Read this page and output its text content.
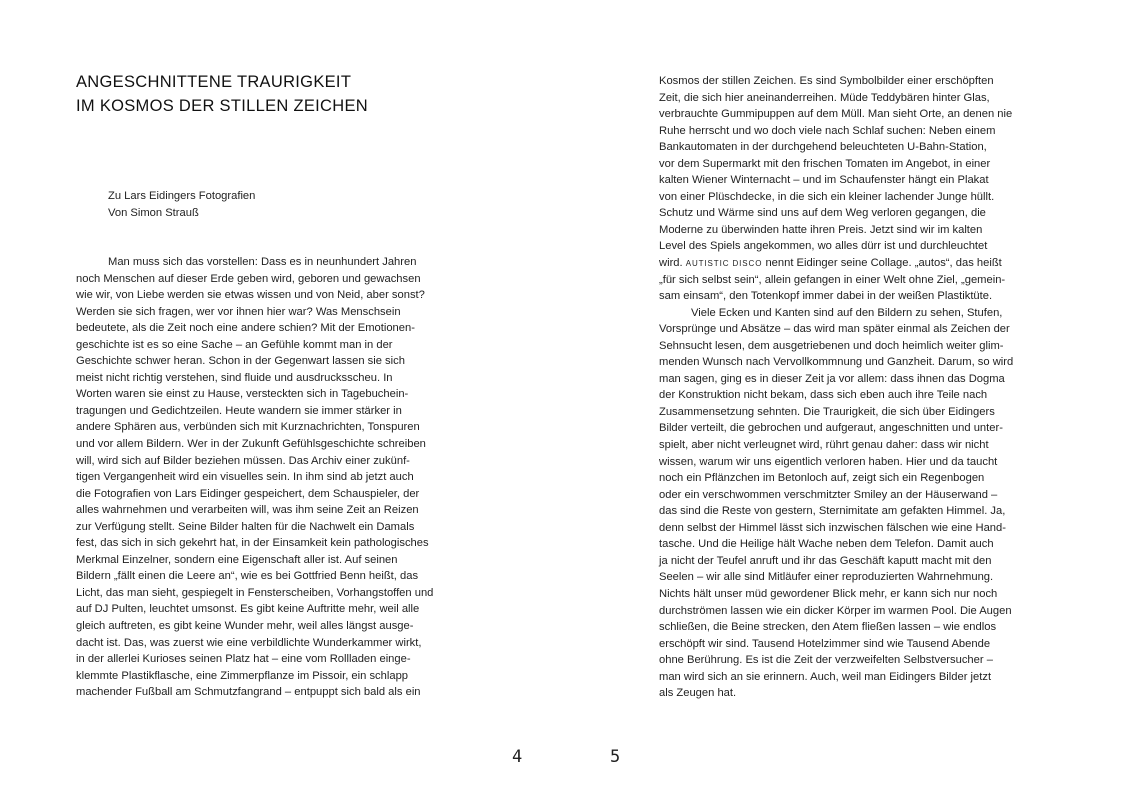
ANGESCHNITTENE TRAURIGKEIT
IM KOSMOS DER STILLEN ZEICHEN
Zu Lars Eidingers Fotografien
Von Simon Strauß
Man muss sich das vorstellen: Dass es in neunhundert Jahren
noch Menschen auf dieser Erde geben wird, geboren und gewachsen
wie wir, von Liebe werden sie etwas wissen und von Neid, aber sonst?
Werden sie sich fragen, wer vor ihnen hier war? Was Menschsein
bedeutete, als die Zeit noch eine andere schien? Mit der Emotionen-
geschichte ist es so eine Sache – an Gefühle kommt man in der
Geschichte schwer heran. Schon in der Gegenwart lassen sie sich
meist nicht richtig verstehen, sind fluide und ausdrucksscheu. In
Worten waren sie einst zu Hause, versteckten sich in Tagebuchein-
tragungen und Gedichtzeilen. Heute wandern sie immer stärker in
andere Sphären aus, verbünden sich mit Kurznachrichten, Tonspuren
und vor allem Bildern. Wer in der Zukunft Gefühlsgeschichte schreiben
will, wird sich auf Bilder beziehen müssen. Das Archiv einer zukünf-
tigen Vergangenheit wird ein visuelles sein. In ihm sind ab jetzt auch
die Fotografien von Lars Eidinger gespeichert, dem Schauspieler, der
alles wahrnehmen und verarbeiten will, was ihm seine Zeit an Reizen
zur Verfügung stellt. Seine Bilder halten für die Nachwelt ein Damals
fest, das sich in sich gekehrt hat, in der Einsamkeit kein pathologisches
Merkmal Einzelner, sondern eine Eigenschaft aller ist. Auf seinen
Bildern „fällt einen die Leere an“, wie es bei Gottfried Benn heißt, das
Licht, das man sieht, gespiegelt in Fensterscheiben, Vorhangstoffen und
auf DJ Pulten, leuchtet umsonst. Es gibt keine Auftritte mehr, weil alle
gleich auftreten, es gibt keine Wunder mehr, weil alles längst ausge-
dacht ist. Das, was zuerst wie eine verbildlichte Wunderkammer wirkt,
in der allerlei Kurioses seinen Platz hat – eine vom Rollladen einge-
klemmte Plastikflasche, eine Zimmerpflanze im Pissoir, ein schlapp
machender Fußball am Schmutzfangrand – entpuppt sich bald als ein
Kosmos der stillen Zeichen. Es sind Symbolbilder einer erschöpften
Zeit, die sich hier aneinanderreihen. Müde Teddybären hinter Glas,
verbrauchte Gummipuppen auf dem Müll. Man sieht Orte, an denen nie
Ruhe herrscht und wo doch viele nach Schlaf suchen: Neben einem
Bankautomaten in der durchgehend beleuchteten U-Bahn-Station,
vor dem Supermarkt mit den frischen Tomaten im Angebot, in einer
kalten Wiener Winternacht – und im Schaufenster hängt ein Plakat
von einer Plüschdecke, in die sich ein kleiner lachender Junge hüllt.
Schutz und Wärme sind uns auf dem Weg verloren gegangen, die
Moderne zu überwinden hatte ihren Preis. Jetzt sind wir im kalten
Level des Spiels angekommen, wo alles dürr ist und durchleuchtet
wird. AUTISTIC DISCO nennt Eidinger seine Collage. „autos“, das heißt
„für sich selbst sein“, allein gefangen in einer Welt ohne Ziel, „gemein-
sam einsam“, den Totenkopf immer dabei in der weißen Plastiktüte.
Viele Ecken und Kanten sind auf den Bildern zu sehen, Stufen,
Vorsprünge und Absätze – das wird man später einmal als Zeichen der
Sehnsucht lesen, dem ausgetriebenen und doch heimlich weiter glim-
menden Wunsch nach Vervollkommnung und Ganzheit. Darum, so wird
man sagen, ging es in dieser Zeit ja vor allem: dass ihnen das Dogma
der Konstruktion nicht bekam, dass sich eben auch ihre Teile nach
Zusammensetzung sehnten. Die Traurigkeit, die sich über Eidingers
Bilder verteilt, die gebrochen und aufgeraut, angeschnitten und unter-
spielt, aber nicht verleugnet wird, rührt genau daher: dass wir nicht
wissen, warum wir uns eigentlich verloren haben. Hier und da taucht
noch ein Pflänzchen im Betonloch auf, zeigt sich ein Regenbogen
oder ein verschwommen verschmitzter Smiley an der Häuserwand –
das sind die Reste von gestern, Sternimitate am gefakten Himmel. Ja,
denn selbst der Himmel lässt sich inzwischen fälschen wie eine Hand-
tasche. Und die Heilige hält Wache neben dem Telefon. Damit auch
ja nicht der Teufel anruft und ihr das Geschäft kaputt macht mit den
Seelen – wir alle sind Mitläufer einer reproduzierten Wahrnehmung.
Nichts hält unser müd gewordener Blick mehr, er kann sich nur noch
durchströmen lassen wie ein dicker Körper im warmen Pool. Die Augen
schließen, die Beine strecken, den Atem fließen lassen – wie endlos
erschöpft wir sind. Tausend Hotelzimmer sind wie Tausend Abende
ohne Berührung. Es ist die Zeit der verzweifelten Selbstversucher –
man wird sich an sie erinnern. Auch, weil man Eidingers Bilder jetzt
als Zeugen hat.
4	5
